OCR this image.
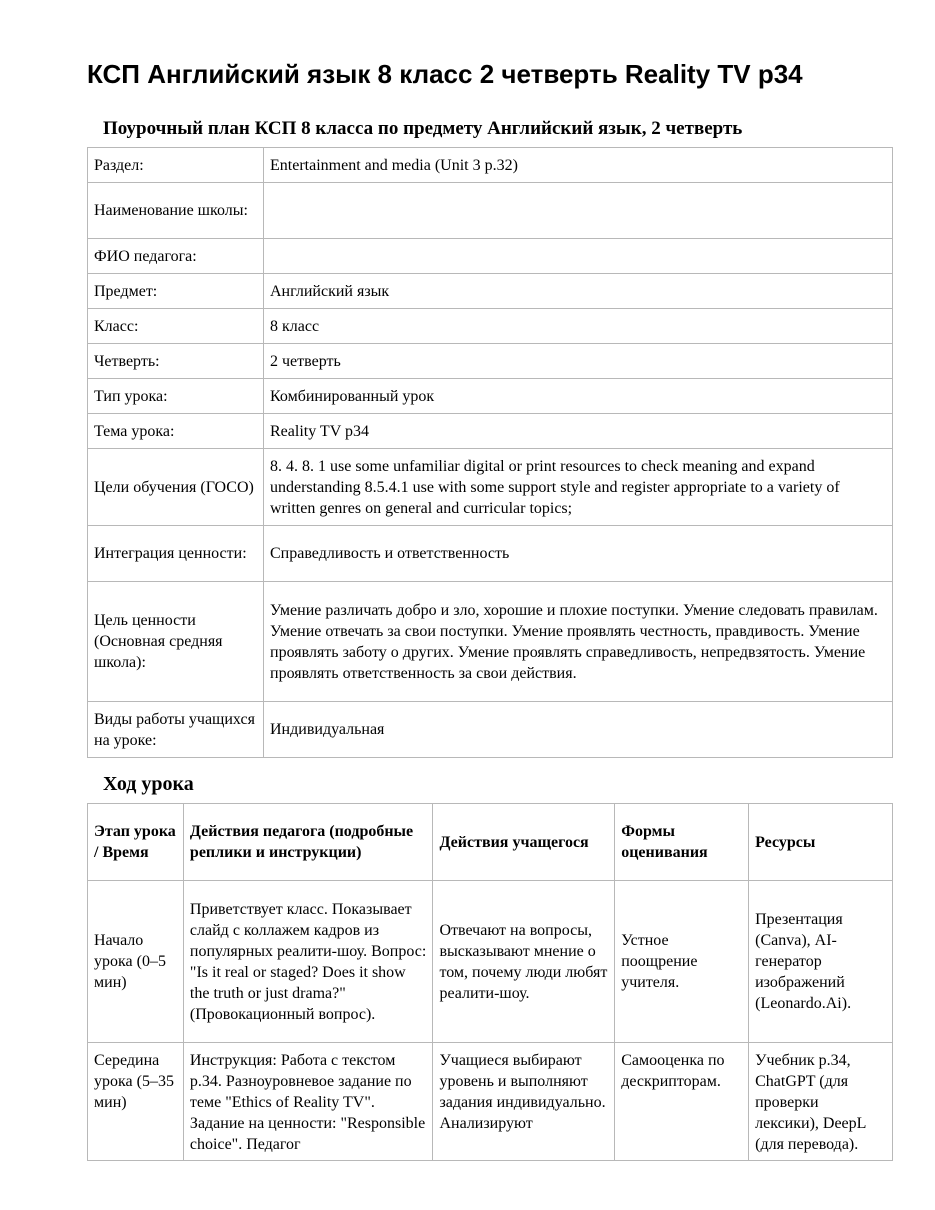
КСП Английский язык 8 класс 2 четверть Reality TV p34

Поурочный план КСП 8 класса по предмету Английский язык, 2 четверть

Раздел:	Entertainment and media (Unit 3 p.32)
Наименование школы:	
ФИО педагога:	
Предмет:	Английский язык
Класс:	8 класс
Четверть:	2 четверть
Тип урока:	Комбинированный урок
Тема урока:	Reality TV p34
Цели обучения (ГОСО)	8. 4. 8. 1 use some unfamiliar digital or print resources to check meaning and expand understanding 8.5.4.1 use with some support style and register appropriate to a variety of written genres on general and curricular topics;
Интеграция ценности:	Справедливость и ответственность
Цель ценности (Основная средняя школа):	Умение различать добро и зло, хорошие и плохие поступки. Умение следовать правилам. Умение отвечать за свои поступки. Умение проявлять честность, правдивость. Умение проявлять заботу о других. Умение проявлять справедливость, непредвзятость. Умение проявлять ответственность за свои действия.
Виды работы учащихся на уроке:	Индивидуальная

Ход урока

Этап урока / Время	Действия педагога (подробные реплики и инструкции)	Действия учащегося	Формы оценивания	Ресурсы
Начало урока (0–5 мин)	Приветствует класс. Показывает слайд с коллажем кадров из популярных реалити-шоу. Вопрос: "Is it real or staged? Does it show the truth or just drama?" (Провокационный вопрос).	Отвечают на вопросы, высказывают мнение о том, почему люди любят реалити-шоу.	Устное поощрение учителя.	Презентация (Canva), AI-генератор изображений (Leonardo.Ai).
Середина урока (5–35 мин)	Инструкция: Работа с текстом p.34. Разноуровневое задание по теме "Ethics of Reality TV". Задание на ценности: "Responsible choice". Педагог	Учащиеся выбирают уровень и выполняют задания индивидуально. Анализируют	Самооценка по дескрипторам.	Учебник p.34, ChatGPT (для проверки лексики), DeepL (для перевода).
